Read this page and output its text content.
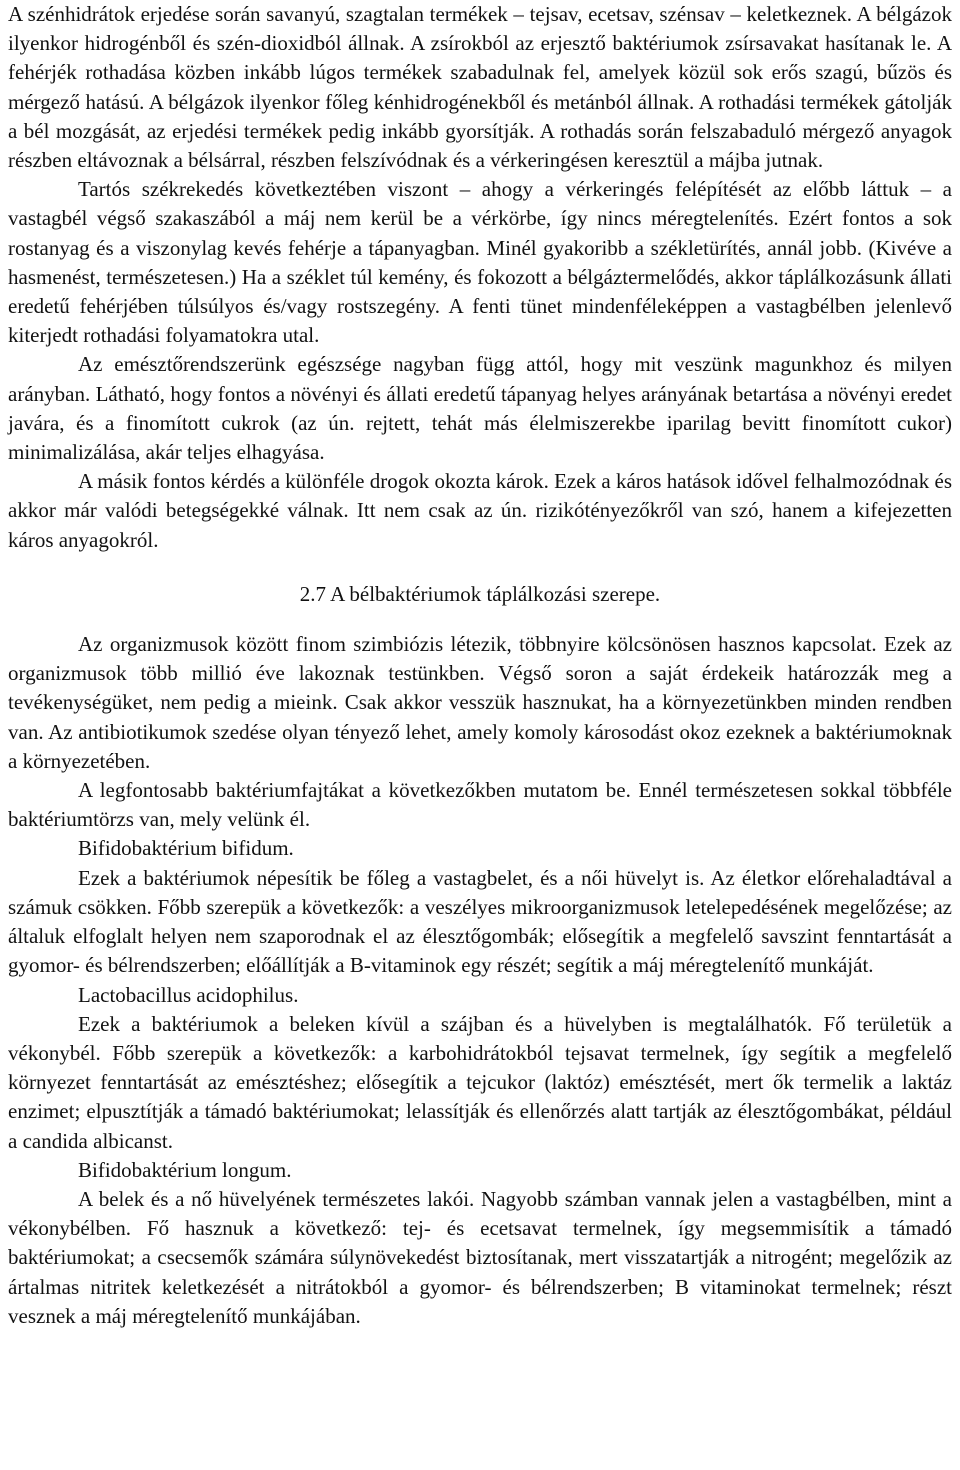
A szénhidrátok erjedése során savanyú, szagtalan termékek – tejsav, ecetsav, szénsav – keletkeznek. A bélgázok ilyenkor hidrogénből és szén-dioxidból állnak. A zsírokból az erjesztő baktériumok zsírsavakat hasítanak le. A fehérjék rothadása közben inkább lúgos termékek szabadulnak fel, amelyek közül sok erős szagú, bűzös és mérgező hatású. A bélgázok ilyenkor főleg kénhidrogénekből és metánból állnak. A rothadási termékek gátolják a bél mozgását, az erjedési termékek pedig inkább gyorsítják. A rothadás során felszabaduló mérgező anyagok részben eltávoznak a bélsárral, részben felszívódnak és a vérkeringésen keresztül a májba jutnak.

Tartós székrekedés következtében viszont – ahogy a vérkeringés felépítését az előbb láttuk – a vastagbél végső szakaszából a máj nem kerül be a vérkörbe, így nincs méregtelenítés. Ezért fontos a sok rostanyag és a viszonylag kevés fehérje a tápanyagban. Minél gyakoribb a székletürítés, annál jobb. (Kivéve a hasmenést, természetesen.) Ha a széklet túl kemény, és fokozott a bélgáztermelődés, akkor táplálkozásunk állati eredetű fehérjében túlsúlyos és/vagy rostszegény. A fenti tünet mindenféleképpen a vastagbélben jelenlevő kiterjedt rothadási folyamatokra utal.

Az emésztőrendszerünk egészsége nagyban függ attól, hogy mit veszünk magunkhoz és milyen arányban. Látható, hogy fontos a növényi és állati eredetű tápanyag helyes arányának betartása a növényi eredet javára, és a finomított cukrok (az ún. rejtett, tehát más élelmiszerekbe iparilag bevitt finomított cukor) minimalizálása, akár teljes elhagyása.

A másik fontos kérdés a különféle drogok okozta károk. Ezek a káros hatások idővel felhalmozódnak és akkor már valódi betegségekké válnak. Itt nem csak az ún. rizikótényezőkről van szó, hanem a kifejezetten káros anyagokról.

2.7 A bélbaktériumok táplálkozási szerepe.

Az organizmusok között finom szimbiózis létezik, többnyire kölcsönösen hasznos kapcsolat. Ezek az organizmusok több millió éve lakoznak testünkben. Végső soron a saját érdekeik határozzák meg a tevékenységüket, nem pedig a mieink. Csak akkor vesszük hasznukat, ha a környezetünkben minden rendben van. Az antibiotikumok szedése olyan tényező lehet, amely komoly károsodást okoz ezeknek a baktériumoknak a környezetében.

A legfontosabb baktériumfajtákat a következőkben mutatom be. Ennél természetesen sokkal többféle baktériumtörzs van, mely velünk él.

Bifidobaktérium bifidum.

Ezek a baktériumok népesítik be főleg a vastagbelet, és a női hüvelyt is. Az életkor előrehaladtával a számuk csökken. Főbb szerepük a következők: a veszélyes mikroorganizmusok letelepedésének megelőzése; az általuk elfoglalt helyen nem szaporodnak el az élesztőgombák; elősegítik a megfelelő savszint fenntartását a gyomor- és bélrendszerben; előállítják a B-vitaminok egy részét; segítik a máj méregtelenítő munkáját.

Lactobacillus acidophilus.

Ezek a baktériumok a beleken kívül a szájban és a hüvelyben is megtalálhatók. Fő területük a vékonybél. Főbb szerepük a következők: a karbohidrátokból tejsavat termelnek, így segítik a megfelelő környezet fenntartását az emésztéshez; elősegítik a tejcukor (laktóz) emésztését, mert ők termelik a laktáz enzimet; elpusztítják a támadó baktériumokat; lelassítják és ellenőrzés alatt tartják az élesztőgombákat, például a candida albicanst.

Bifidobaktérium longum.

A belek és a nő hüvelyének természetes lakói. Nagyobb számban vannak jelen a vastagbélben, mint a vékonybélben. Fő hasznuk a következő: tej- és ecetsavat termelnek, így megsemmisítik a támadó baktériumokat; a csecsemők számára súlynövekedést biztosítanak, mert visszatartják a nitrogént; megelőzik az ártalmas nitritek keletkezését a nitrátokból a gyomor- és bélrendszerben; B vitaminokat termelnek; részt vesznek a máj méregtelenítő munkájában.
